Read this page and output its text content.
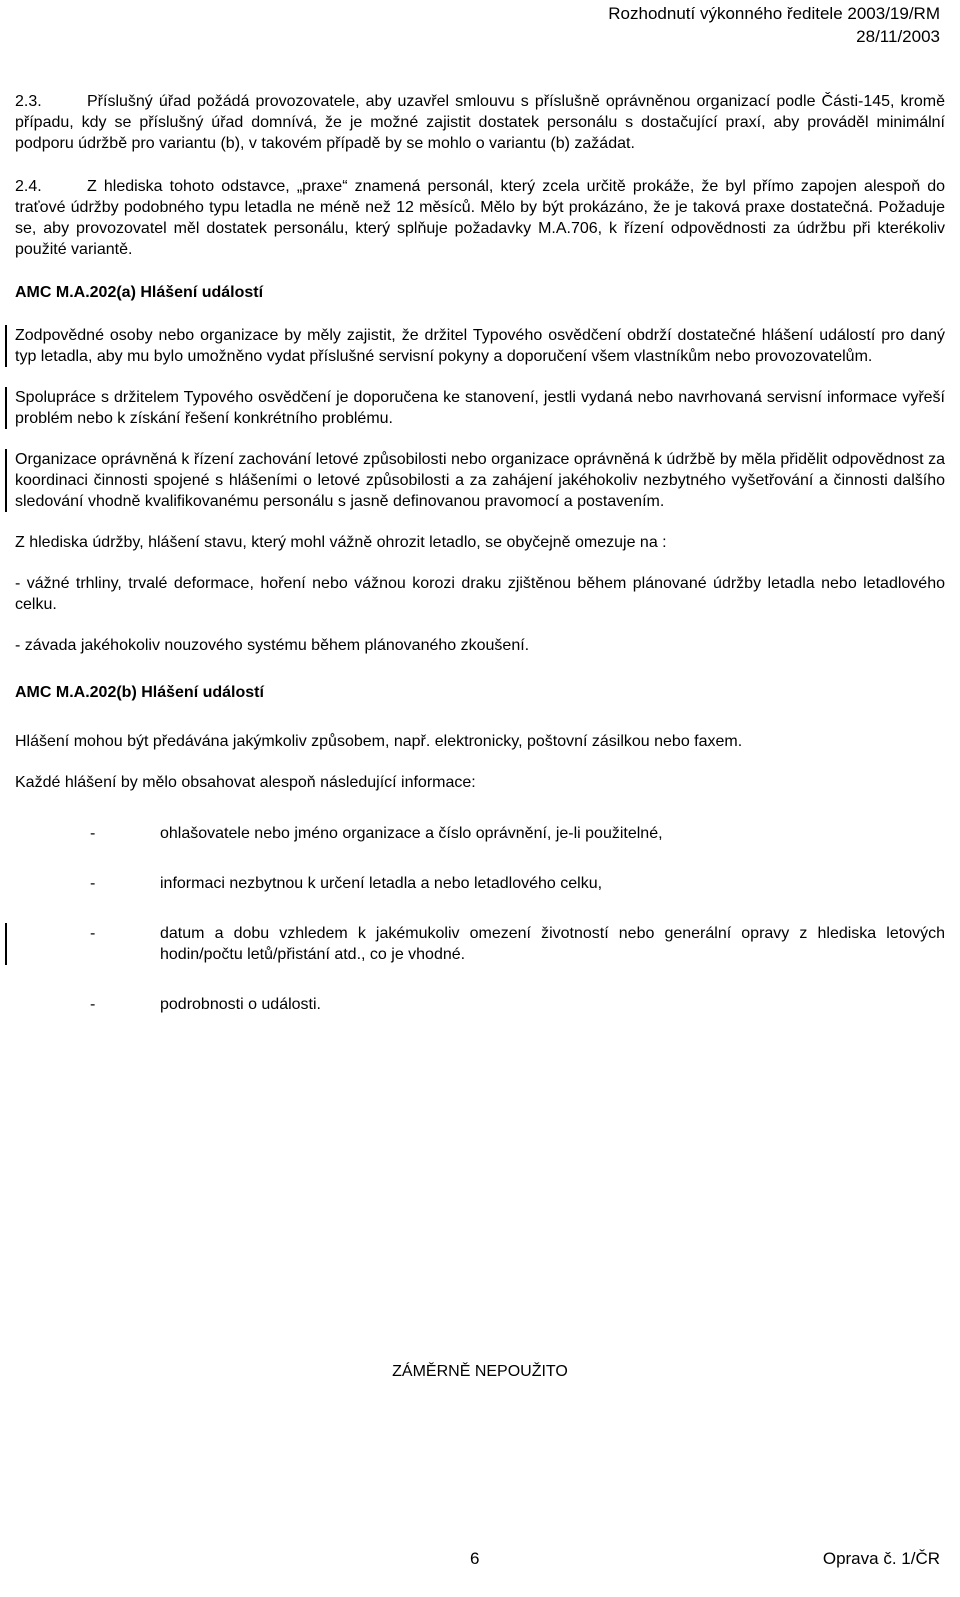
Rozhodnutí výkonného ředitele 2003/19/RM
28/11/2003

2.3.	Příslušný úřad požádá provozovatele, aby uzavřel smlouvu s příslušně oprávněnou organizací podle Části-145, kromě případu, kdy se příslušný úřad domnívá, že je možné zajistit dostatek personálu s dostačující praxí, aby prováděl minimální podporu údržbě pro variantu (b), v takovém případě by se mohlo o variantu (b) zažádat.

2.4.	Z hlediska tohoto odstavce, „praxe“ znamená personál, který zcela určitě prokáže, že byl přímo zapojen alespoň do traťové údržby podobného typu letadla ne méně než 12 měsíců. Mělo by být prokázáno, že je taková praxe dostatečná. Požaduje se, aby provozovatel měl dostatek personálu, který splňuje požadavky M.A.706, k řízení odpovědnosti za údržbu při kterékoliv použité variantě.

AMC M.A.202(a) Hlášení událostí

Zodpovědné osoby nebo organizace by měly zajistit, že držitel Typového osvědčení obdrží dostatečné hlášení událostí pro daný typ letadla, aby mu bylo umožněno vydat příslušné servisní pokyny a doporučení všem vlastníkům nebo provozovatelům.

Spolupráce s držitelem Typového osvědčení je doporučena ke stanovení, jestli vydaná nebo navrhovaná servisní informace vyřeší problém nebo k získání řešení konkrétního problému.

Organizace oprávněná k řízení zachování letové způsobilosti nebo organizace oprávněná k údržbě by měla přidělit odpovědnost za koordinaci činnosti spojené s hlášeními o letové způsobilosti a za zahájení jakéhokoliv nezbytného vyšetřování a činnosti dalšího sledování vhodně kvalifikovanému personálu s jasně definovanou pravomocí a postavením.

Z hlediska údržby, hlášení stavu, který mohl vážně ohrozit letadlo, se obyčejně omezuje na :

- vážné trhliny, trvalé deformace, hoření nebo vážnou korozi draku zjištěnou během plánované údržby letadla nebo letadlového celku.

- závada jakéhokoliv nouzového systému během plánovaného zkoušení.

AMC M.A.202(b) Hlášení událostí

Hlášení mohou být předávána jakýmkoliv způsobem, např. elektronicky, poštovní zásilkou nebo faxem.

Každé hlášení by mělo obsahovat alespoň následující informace:

-	ohlašovatele nebo jméno organizace a číslo oprávnění, je-li použitelné,
-	informaci nezbytnou k určení letadla a nebo letadlového celku,
-	datum a dobu vzhledem k jakémukoliv omezení životností nebo generální opravy z hlediska letových hodin/počtu letů/přistání atd., co je vhodné.
-	podrobnosti o události.
ZÁMĚRNĚ NEPOUŽITO
6	Oprava č. 1/ČR
